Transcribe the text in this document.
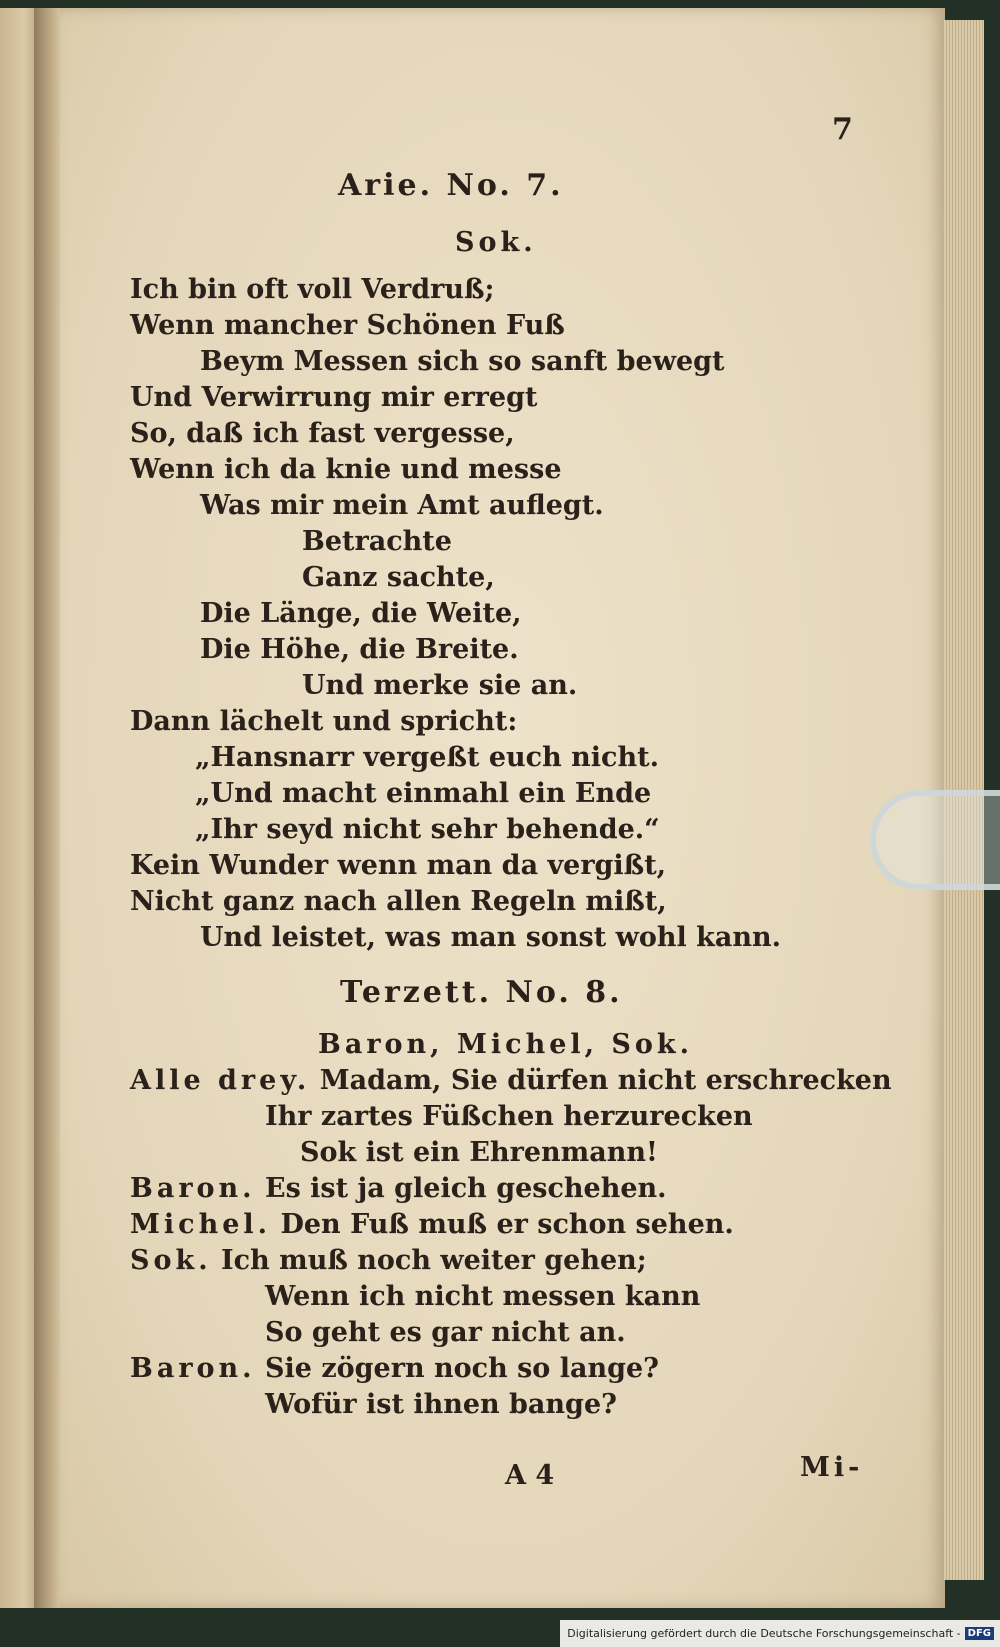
7
Arie. No. 7.
Sok.
Ich bin oft voll Verdruß;
Wenn mancher Schönen Fuß
Beym Messen sich so sanft bewegt
Und Verwirrung mir erregt
So, daß ich fast vergesse,
Wenn ich da knie und messe
Was mir mein Amt auflegt.
Betrachte
Ganz sachte,
Die Länge, die Weite,
Die Höhe, die Breite.
Und merke sie an.
Dann lächelt und spricht:
„Hansnarr vergeßt euch nicht.
„Und macht einmahl ein Ende
„Ihr seyd nicht sehr behende.“
Kein Wunder wenn man da vergißt,
Nicht ganz nach allen Regeln mißt,
Und leistet, was man sonst wohl kann.
Terzett. No. 8.
Baron, Michel, Sok.
Alle drey. Madam, Sie dürfen nicht erschrecken
Ihr zartes Füßchen herzurecken
Sok ist ein Ehrenmann!
Baron. Es ist ja gleich geschehen.
Michel. Den Fuß muß er schon sehen.
Sok. Ich muß noch weiter gehen;
Wenn ich nicht messen kann
So geht es gar nicht an.
Baron. Sie zögern noch so lange?
Wofür ist ihnen bange?
A 4	Mi-
Digitalisierung gefördert durch die Deutsche Forschungsgemeinschaft - DFG
